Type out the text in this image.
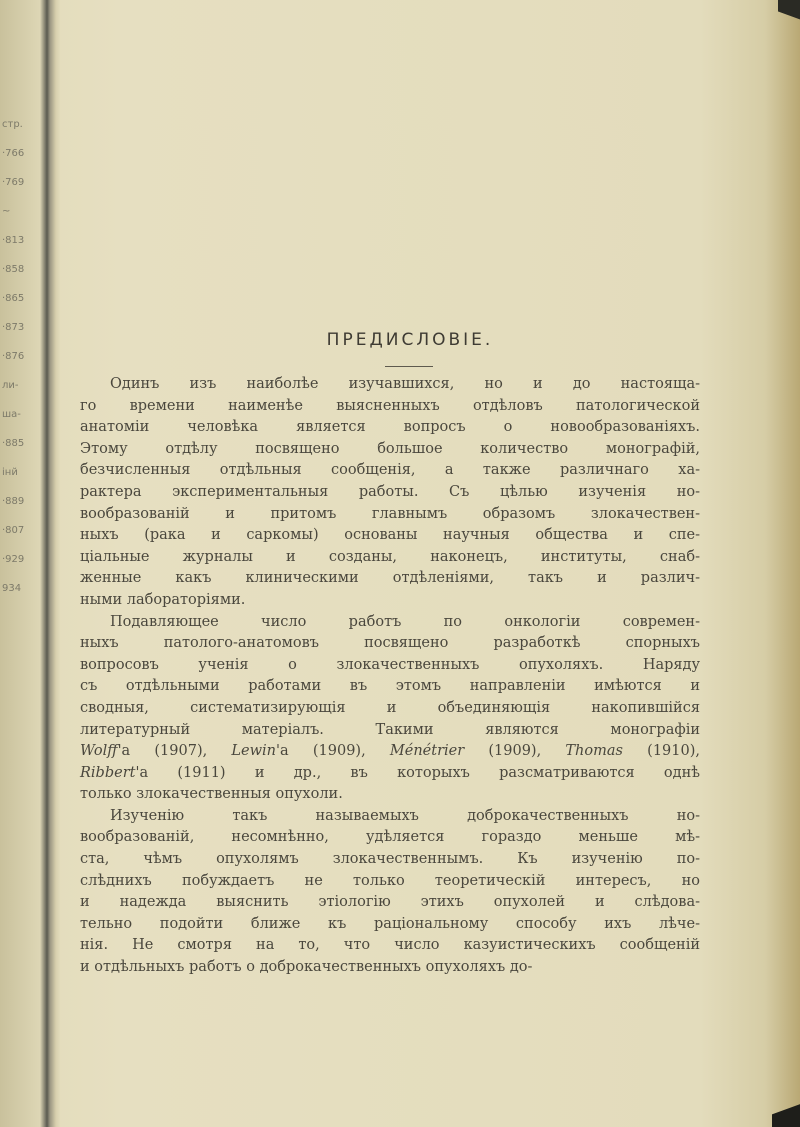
стр.
·766
·769
~
·813
·858
·865
·873
·876
ли-
ша-
·885
iнй
·889
·807
·929
934
ПРЕДИСЛОВIЕ.

Одинъ изъ наиболѣе изучавшихся, но и до настояща-
го времени наименѣе выясненныхъ отдѣловъ патологической
анатомiи человѣка является вопросъ о новообразованiяхъ.
Этому отдѣлу посвящено большое количество монографiй,
безчисленныя отдѣльныя сообщенiя, а также различнаго ха-
рактера экспериментальныя работы. Съ цѣлью изученiя но-
вообразованiй и притомъ главнымъ образомъ злокачествен-
ныхъ (рака и саркомы) основаны научныя общества и спе-
цiальные журналы и созданы, наконецъ, институты, снаб-
женные какъ клиническими отдѣленiями, такъ и различ-
ными лабораторiями.

Подавляющее число работъ по онкологiи современ-
ныхъ патолого-анатомовъ посвящено разработкѣ спорныхъ
вопросовъ ученiя о злокачественныхъ опухоляхъ. Наряду
съ отдѣльными работами въ этомъ направленiи имѣются и
сводныя, систематизирующiя и объединяющiя накопившiйся
литературный матерiалъ. Такими являются монографiи
Wolff'а (1907), Lewin'а (1909), Ménétrier (1909), Thomas (1910),
Ribbert'а (1911) и др., въ которыхъ разсматриваются однѣ
только злокачественныя опухоли.

Изученiю такъ называемыхъ доброкачественныхъ но-
вообразованiй, несомнѣнно, удѣляется гораздо меньше мѣ-
ста, чѣмъ опухолямъ злокачественнымъ. Къ изученiю по-
слѣднихъ побуждаетъ не только теоретическiй интересъ, но
и надежда выяснить этiологiю этихъ опухолей и слѣдова-
тельно подойти ближе къ рацiональному способу ихъ лѣче-
нiя. Не смотря на то, что число казуистическихъ сообщенiй
и отдѣльныхъ работъ о доброкачественныхъ опухоляхъ до-
